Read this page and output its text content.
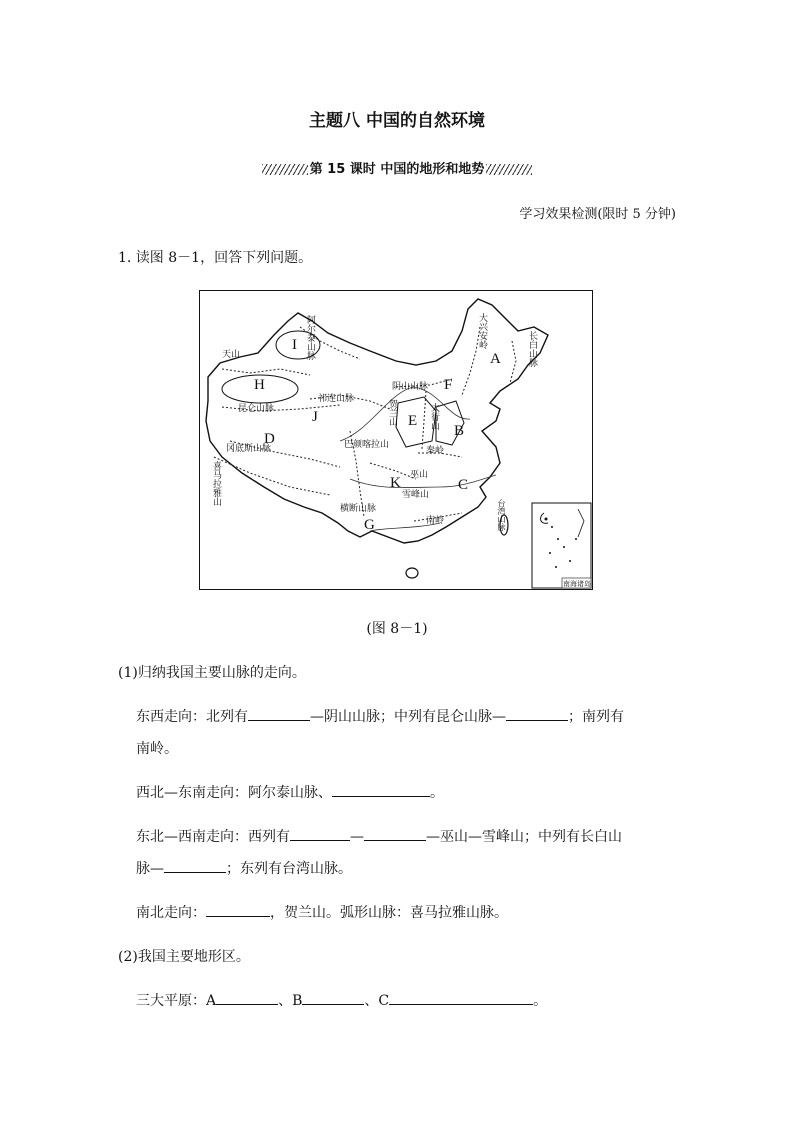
主题八 中国的自然环境
第 15 课时 中国的地形和地势
学习效果检测(限时 5 分钟)
1. 读图 8－1，回答下列问题。
I
H
D
J	E
F
A
B
C
K
G
阿尔泰山脉
天山
昆仑山脉
祁连山脉
阴山山脉
大兴安岭	长白山脉
太行山
巴颜喀拉山
冈底斯山脉
喜马拉雅山
横断山脉
秦岭
巫山
南岭
雪峰山
台湾山脉
贺兰山
南海诸岛
(图 8－1)
(1)归纳我国主要山脉的走向。
东西走向：北列有	—阴山山脉；中列有昆仑山脉—	；南列有
南岭。
西北—东南走向：阿尔泰山脉、	。
东北—西南走向：西列有	—	—巫山—雪峰山；中列有长白山
脉—	；东列有台湾山脉。
南北走向：	，贺兰山。弧形山脉：喜马拉雅山脉。
(2)我国主要地形区。
三大平原：A	、B	、C	。
